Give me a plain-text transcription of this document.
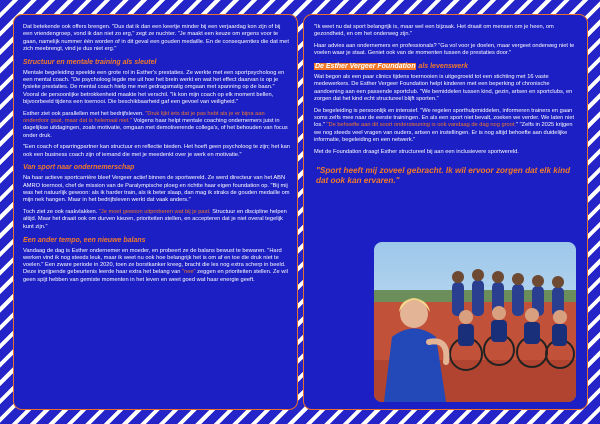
Dat betekende ook offers brengen. "Dus dat ik dan een keertje minder bij een verjaardag kon zijn of bij een vriendengroep, vond ik dan niet zo erg," zegt ze nuchter. "Je maakt een keuze om ergens voor te gaan, namelijk nummer één worden of in dit geval een gouden medaille. En de consequenties die dat met zich meebrengt, vind je dus niet erg."

Structuur en mentale training als sleutel

Mentale begeleiding speelde een grote rol in Esther's prestaties. Ze werkte met een sportpsycholoog en een mental coach. "De psycholoog legde me uit hoe het brein werkt en wat het effect daarvan is op je fysieke prestaties. De mental coach hielp me met gedragsmatig omgaan met spanning op de baan." Vooral de persoonlijke betrokkenheid maakte het verschil. "Ik kon mijn coach op elk moment bellen, bijvoorbeeld tijdens een toernooi. Die beschikbaarheid gaf een gevoel van veiligheid."

Esther ziet ook parallellen met het bedrijfsleven. "Druk lijkt iets dat je pas hebt als je er bijna aan onderdoor gaat, maar dat is helemaal niet." Volgens haar helpt mentale coaching ondernemers juist in dagelijkse uitdagingen, zoals motivatie, omgaan met demotiverende collega's, of het behouden van focus onder druk.

"Een coach of sparringpartner kan structuur en reflectie bieden. Het hoeft geen psycholoog te zijn; het kan ook een business coach zijn of iemand die met je meedenkt over je werk en motivatie."

Van sport naar ondernemerschap

Na haar actieve sportcarrière bleef Vergeer actief binnen de sportwereld. Ze werd directeur van het ABN AMRO toernooi, chef de mission van de Paralympische ploeg en richtte haar eigen foundation op. "Bij mij was het natuurlijk gewoon: als ik harder train, als ik beter slaap, dan mag ik straks de gouden medaille om mijn nek hangen. Maar in het bedrijfsleven werkt dat vaak anders."

Toch ziet ze ook raakvlakken. "Je moet gewoon uitproberen wat bij je past. Structuur en discipline helpen altijd. Maar het draait ook om durven kiezen, prioriteiten stellen, en accepteren dat je niet overal tegelijk kunt zijn."

Een ander tempo, een nieuwe balans

Vandaag de dag is Esther ondernemer en moeder, en probeert ze de balans bewust te bewaren. "Hard werken vind ik nog steeds leuk, maar ik weet nu ook hoe belangrijk het is om af en toe die druk niet te voelen." Een zware periode in 2020, toen ze borstkanker kreeg, bracht die les nog extra scherp in beeld. Deze ingrijpende gebeurtenis leerde haar extra het belang van "nee" zeggen en prioriteiten stellen. Ze wil geen spijt hebben van gemiste momenten in het leven en weet goed wat haar energie geeft.

"Ik weet nu dat sport belangrijk is, maar wel een bijzaak. Het draait om mensen om je heen, om gezondheid, en om het onderweg zijn."

Haar advies aan ondernemers en professionals? "Ga vol voor je doelen, maar vergeet onderweg niet te voelen waar je staat. Geniet ook van de momenten tussen de prestaties door."

De Esther Vergeer Foundation als levenswerk

Wat begon als een paar clinics tijdens toernooien is uitgegroeid tot een stichting met 16 vaste medewerkers. De Esther Vergeer Foundation helpt kinderen met een beperking of chronische aandoening aan een passende sportclub. "We bemiddelen tussen kind, gezin, artsen en sportclubs, en zorgen dat het kind echt structureel blijft sporten."

De begeleiding is persoonlijk en intensief. "We regelen sporthulpmiddelen, informeren trainers en gaan soms zelfs mee naar de eerste trainingen. En als een sport niet bevalt, zoeken we verder. We laten niet los." "De behoefte aan dit soort ondersteuning is ook vandaag de dag nog groot." "Zelfs in 2025 krijgen we nog steeds veel vragen van ouders, artsen en instellingen. Er is nog altijd behoefte aan duidelijke informatie, begeleiding en een netwerk."

Met de Foundation draagt Esther structureel bij aan een inclusievere sportwereld.

"Sport heeft mij zoveel gebracht. Ik wil ervoor zorgen dat elk kind dat ook kan ervaren."
